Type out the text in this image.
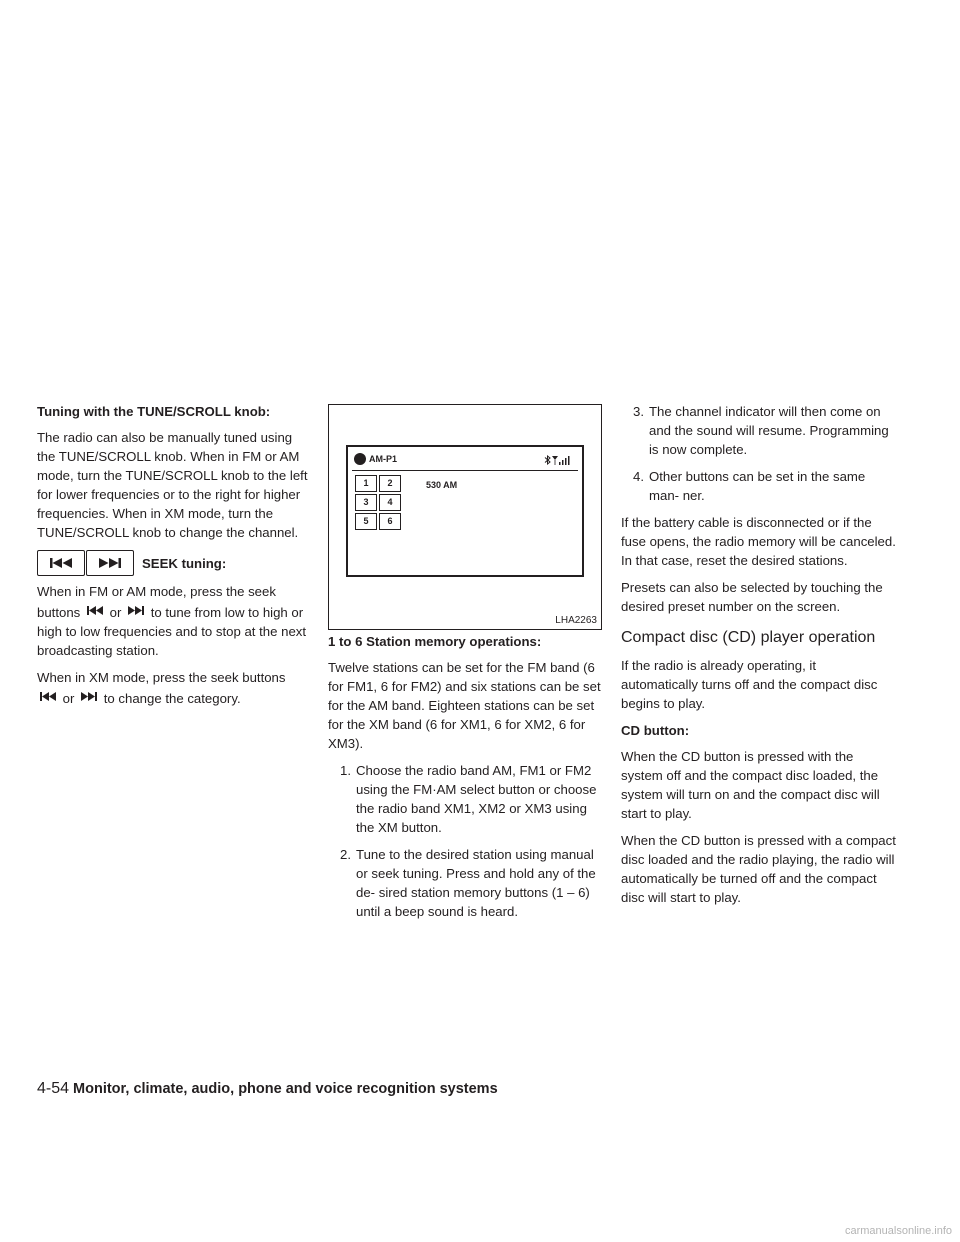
Tuning with the TUNE/SCROLL knob:

The radio can also be manually tuned using the TUNE/SCROLL knob. When in FM or AM mode, turn the TUNE/SCROLL knob to the left for lower frequencies or to the right for higher frequencies. When in XM mode, turn the TUNE/SCROLL knob to change the channel.

SEEK tuning:

When in FM or AM mode, press the seek buttons or to tune from low to high or high to low frequencies and to stop at the next broadcasting station.

When in XM mode, press the seek buttons  or to change the category.

AM-P1
1	2
3	4
5	6
530 AM
LHA2263
1 to 6 Station memory operations:

Twelve stations can be set for the FM band (6 for FM1, 6 for FM2) and six stations can be set for the AM band. Eighteen stations can be set for the XM band (6 for XM1, 6 for XM2, 6 for XM3).

1. Choose the radio band AM, FM1 or FM2 using the FM·AM select button or choose the radio band XM1, XM2 or XM3 using the XM button.
2. Tune to the desired station using manual or seek tuning. Press and hold any of the de- sired station memory buttons (1 – 6) until a beep sound is heard.
3. The channel indicator will then come on and the sound will resume. Programming is now complete.
4. Other buttons can be set in the same man- ner.

If the battery cable is disconnected or if the fuse opens, the radio memory will be canceled. In that case, reset the desired stations.

Presets can also be selected by touching the desired preset number on the screen.

Compact disc (CD) player operation

If the radio is already operating, it automatically turns off and the compact disc begins to play.

CD button:

When the CD button is pressed with the system off and the compact disc loaded, the system will turn on and the compact disc will start to play.

When the CD button is pressed with a compact disc loaded and the radio playing, the radio will automatically be turned off and the compact disc will start to play.

4-54 Monitor, climate, audio, phone and voice recognition systems
carmanualsonline.info
